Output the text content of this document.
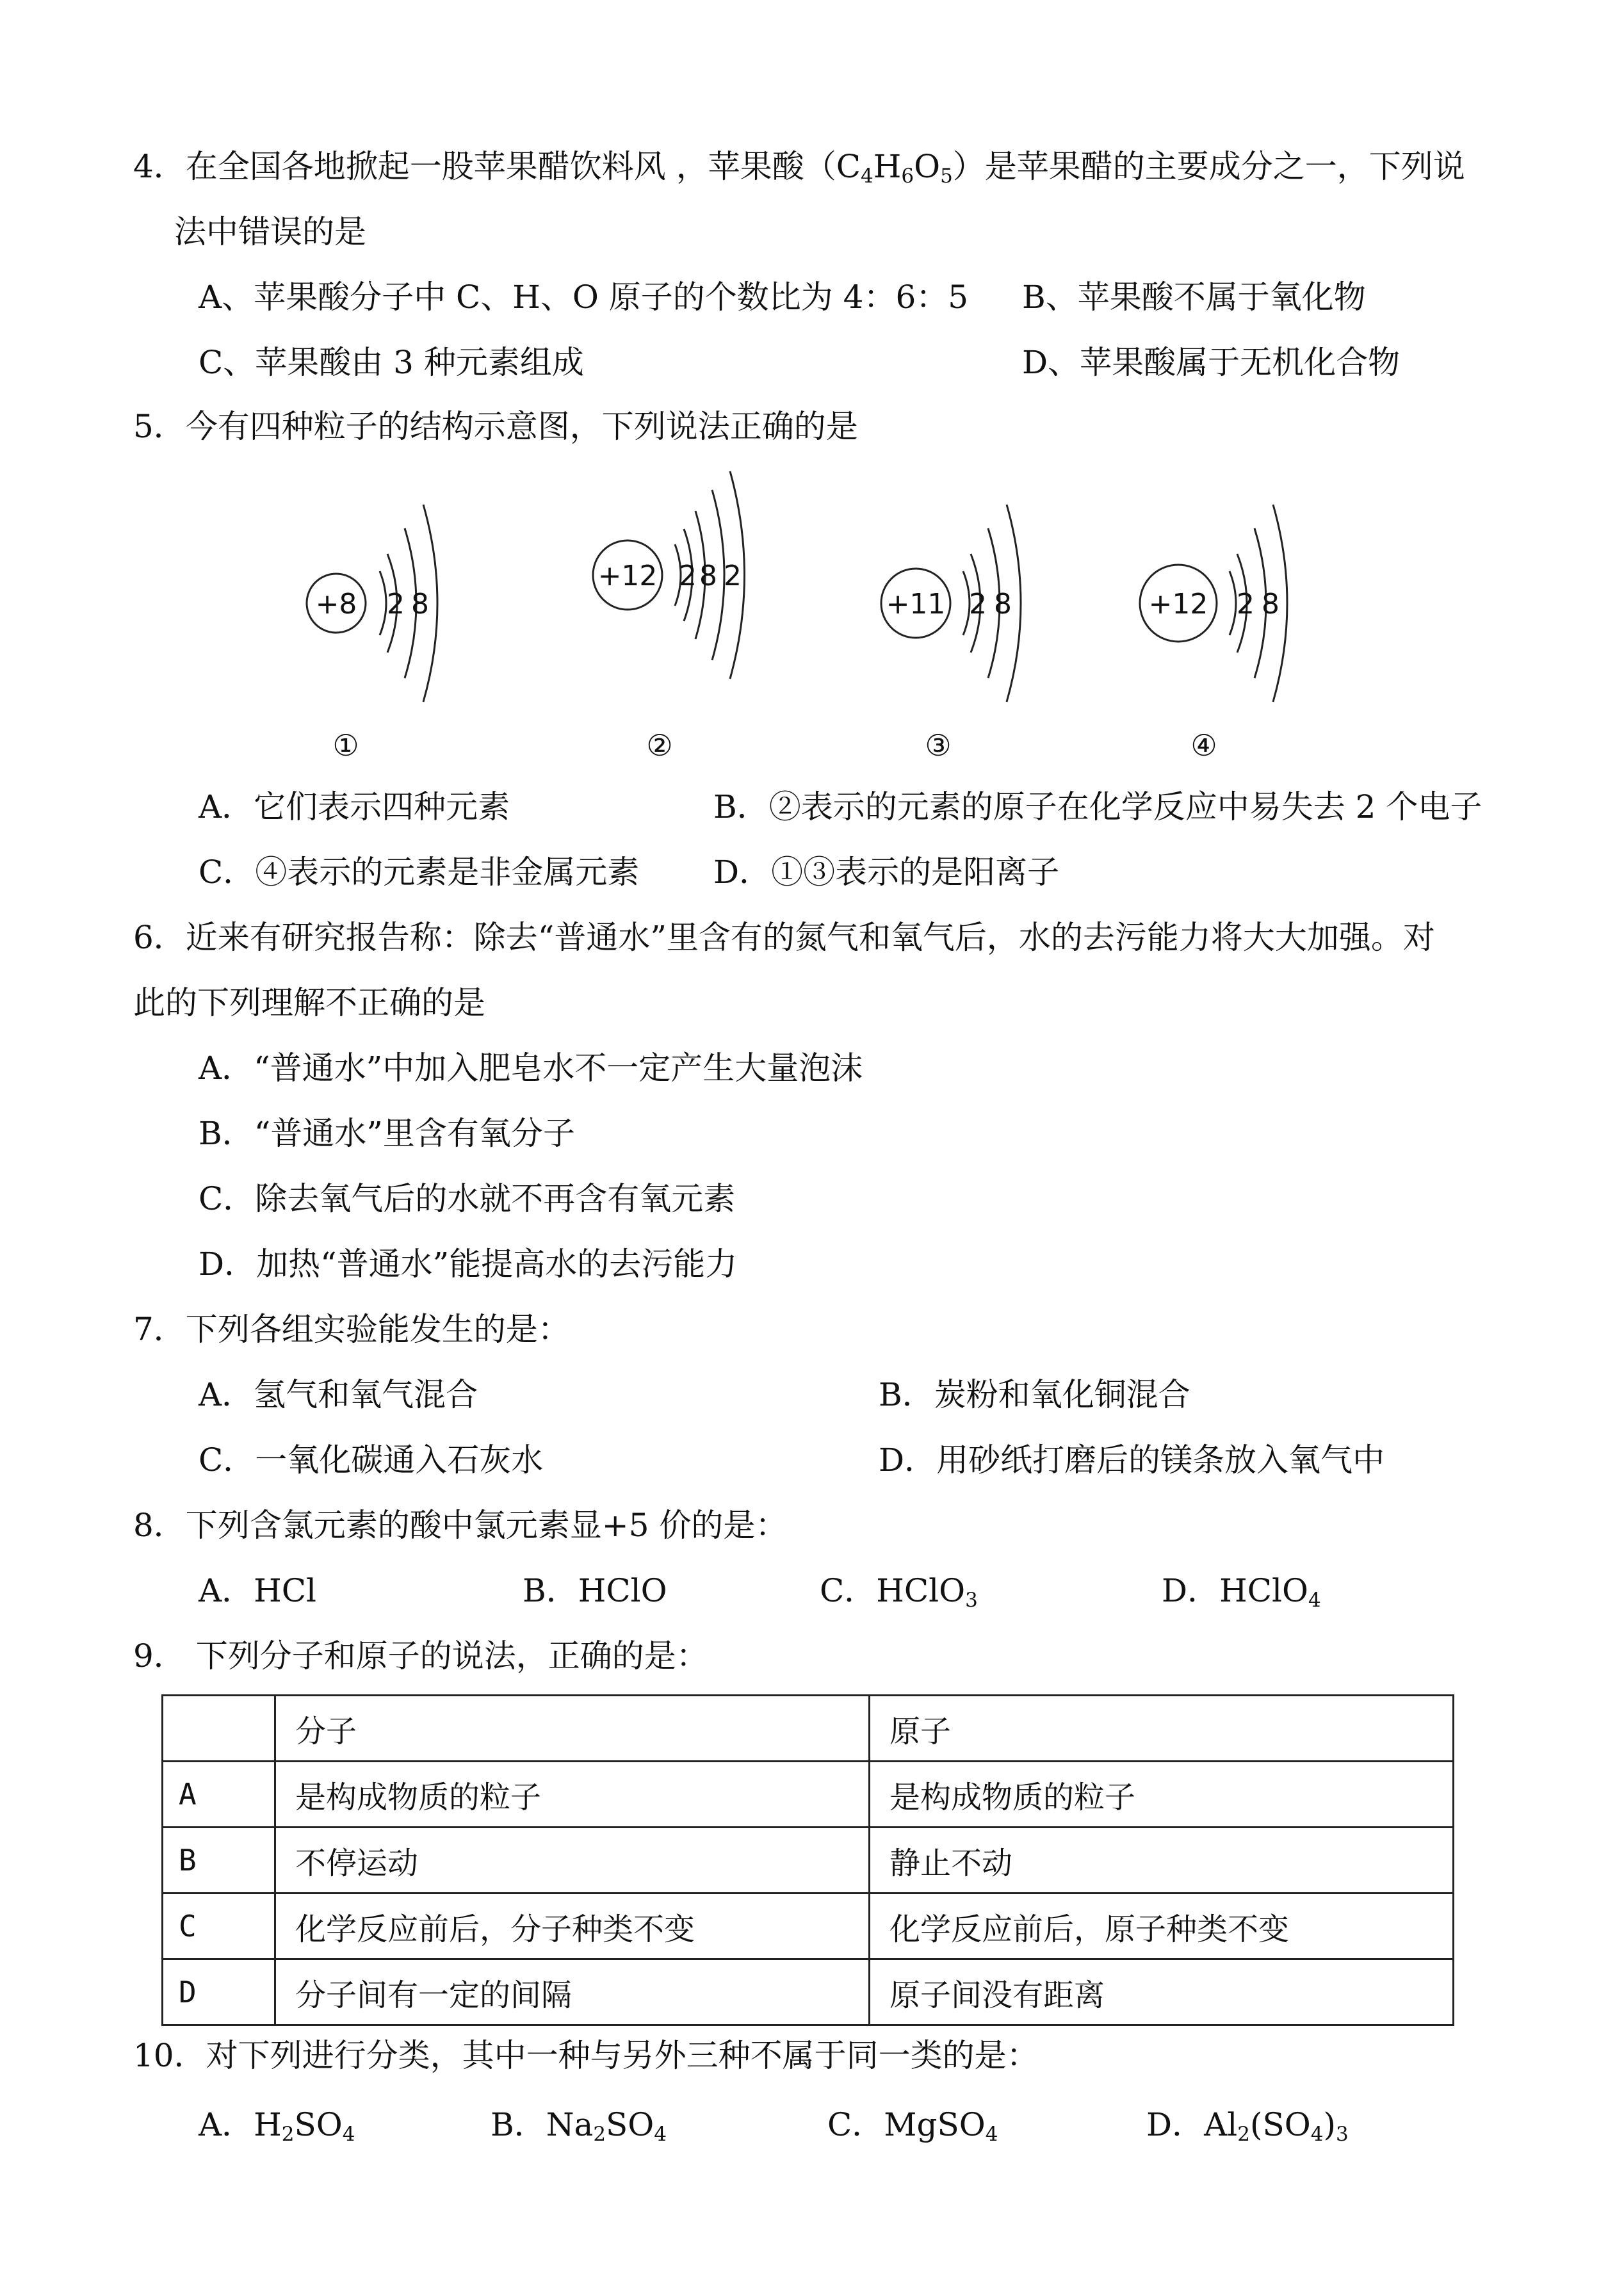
4．在全国各地掀起一股苹果醋饮料风 ，苹果酸$(C_4H_6O_5)$是苹果醋的主要成分之一，下列说
法中错误的是
A、苹果酸分子中 C、H、O 原子的个数比为 4：6：5 B、苹果酸不属于氧化物
C、苹果酸由 3 种元素组成	D、苹果酸属于无机化合物
5．今有四种粒子的结构示意图，下列说法正确的是
+8 2 8
①
+12 2 8 2
②
+11 2 8
③
+12 2 8
④
A．它们表示四种元素	B．②表示的元素的原子在化学反应中易失去 2 个电子
C．④表示的元素是非金属元素 D．①③表示的是阳离子
6．近来有研究报告称：除去“普通水”里含有的氮气和氧气后，水的去污能力将大大加强。对
此的下列理解不正确的是
A．“普通水”中加入肥皂水不一定产生大量泡沫
B．“普通水”里含有氧分子
C．除去氧气后的水就不再含有氧元素
D．加热“普通水”能提高水的去污能力
7．下列各组实验能发生的是：
A．氢气和氧气混合	B．炭粉和氧化铜混合
C．一氧化碳通入石灰水	D．用砂纸打磨后的镁条放入氧气中
8．下列含氯元素的酸中氯元素显+5 价的是：
A．HCl	B．HClO	C．HClO$_3$	D．HClO$_4$
9． 下列分子和原子的说法，正确的是：
	分子	原子
A	是构成物质的粒子	是构成物质的粒子
B	不停运动	静止不动
C	化学反应前后，分子种类不变	化学反应前后，原子种类不变
D	分子间有一定的间隔	原子间没有距离
10．对下列进行分类，其中一种与另外三种不属于同一类的是：
A．$H_2SO_4$	B．$Na_2SO_4$	C．MgSO$_4$	D．$Al_2(SO_4)_3$
